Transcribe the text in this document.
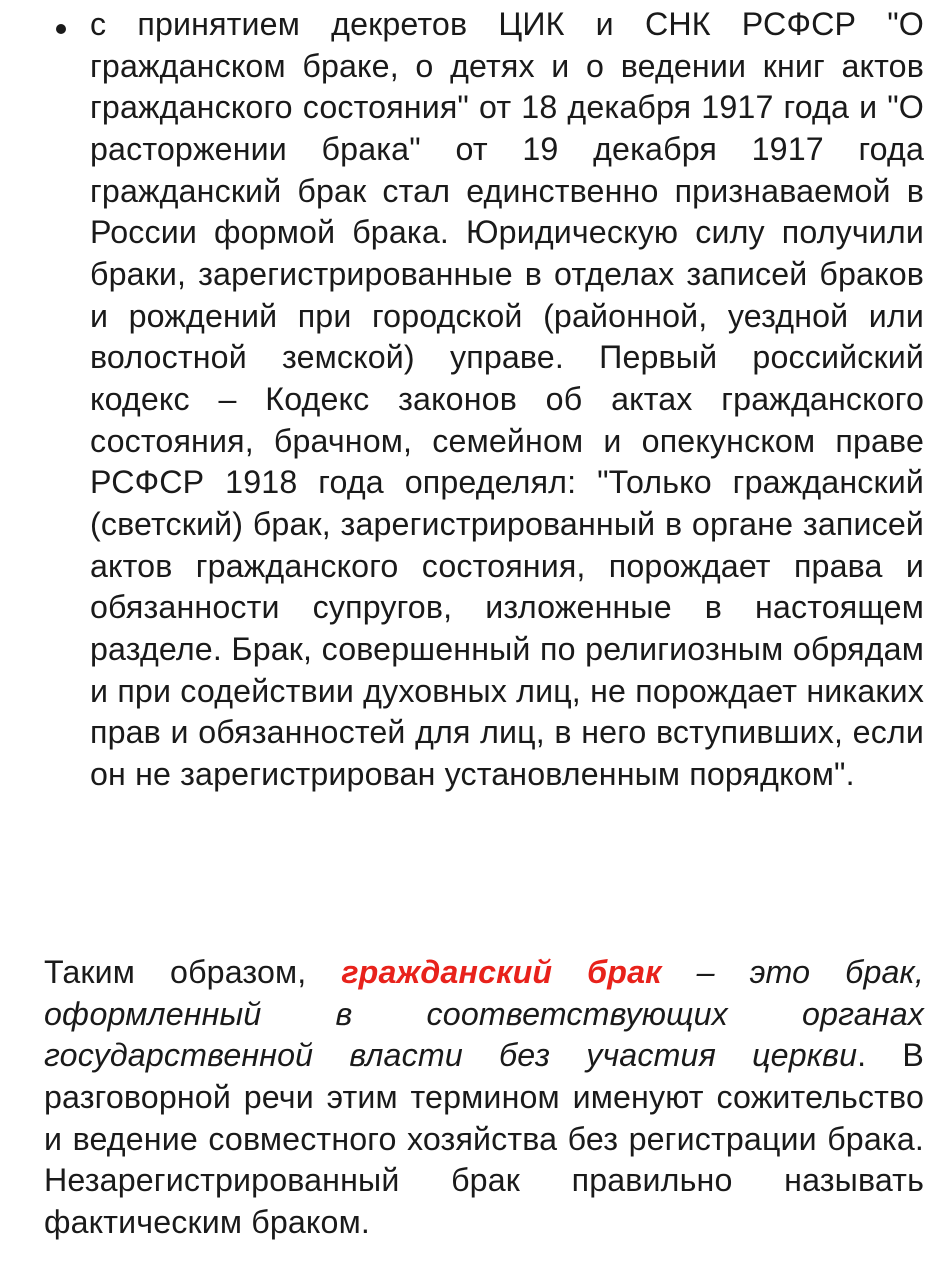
с принятием декретов ЦИК и СНК РСФСР "О гражданском браке, о детях и о ведении книг актов гражданского состояния" от 18 декабря 1917 года и "О расторжении брака" от 19 декабря 1917 года гражданский брак стал единственно признаваемой в России формой брака. Юридическую силу получили браки, зарегистрированные в отделах записей браков и рождений при городской (районной, уездной или волостной земской) управе. Первый российский кодекс – Кодекс законов об актах гражданского состояния, брачном, семейном и опекунском праве РСФСР 1918 года определял: "Только гражданский (светский) брак, зарегистрированный в органе записей актов гражданского состояния, порождает права и обязанности супругов, изложенные в настоящем разделе. Брак, совершенный по религиозным обрядам и при содействии духовных лиц, не порождает никаких прав и обязанностей для лиц, в него вступивших, если он не зарегистрирован установленным порядком".
Таким образом, гражданский брак – это брак, оформленный в соответствующих органах государственной власти без участия церкви. В разговорной речи этим термином именуют сожительство и ведение совместного хозяйства без регистрации брака. Незарегистрированный брак правильно называть фактическим браком.
